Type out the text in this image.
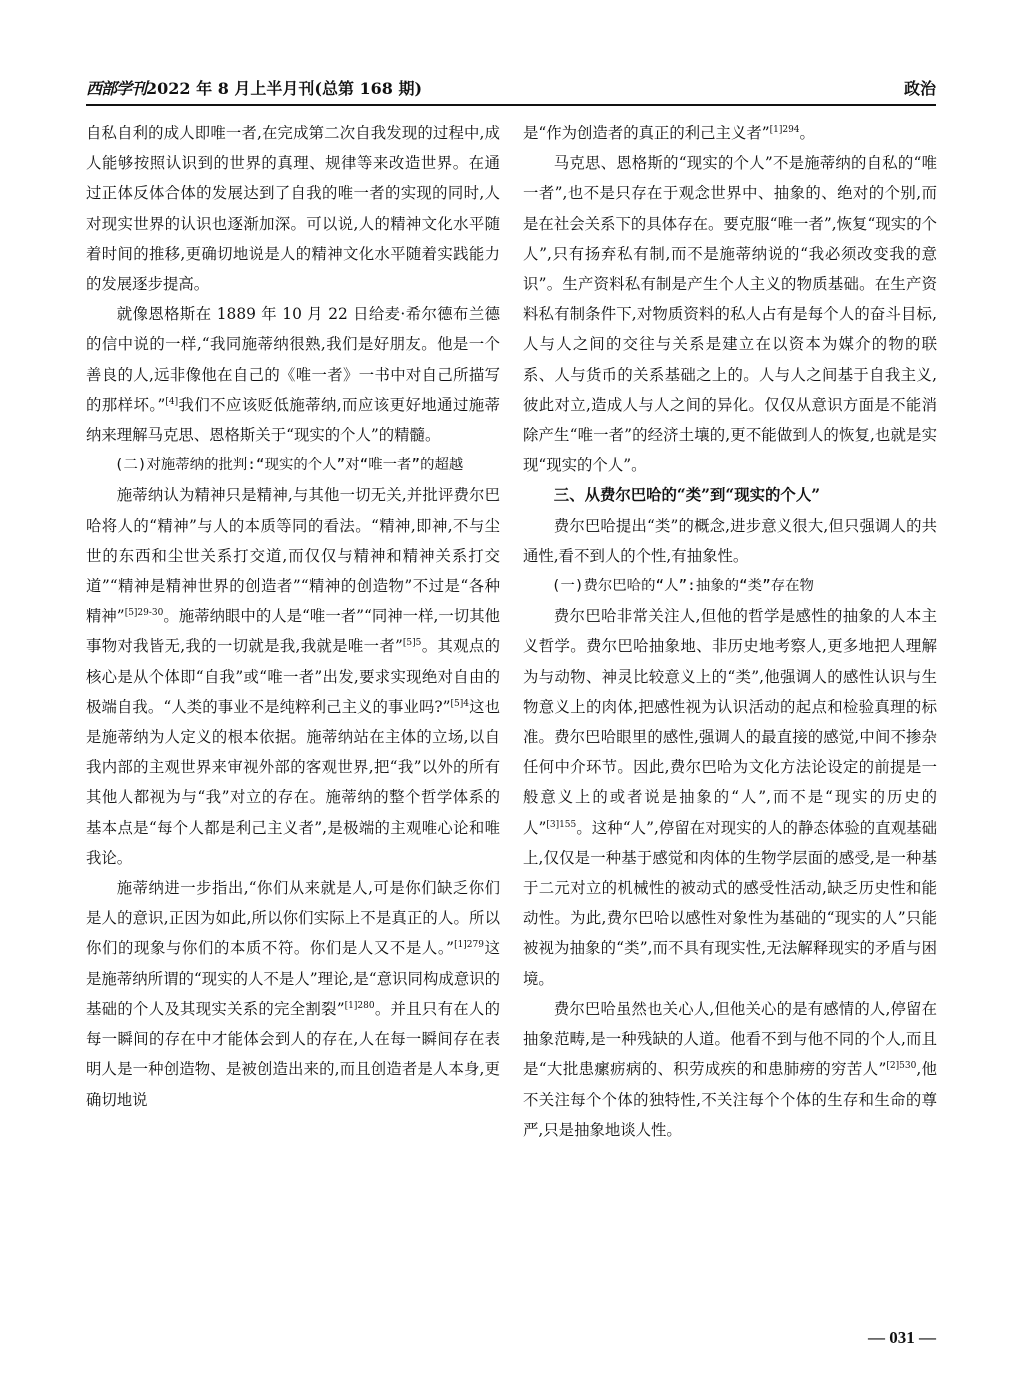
西部学刊2022 年 8 月上半月刊(总第 168 期)	政治

自私自利的成人即唯一者,在完成第二次自我发现的过程中,成人能够按照认识到的世界的真理、规律等来改造世界。在通过正体反体合体的发展达到了自我的唯一者的实现的同时,人对现实世界的认识也逐渐加深。可以说,人的精神文化水平随着时间的推移,更确切地说是人的精神文化水平随着实践能力的发展逐步提高。

就像恩格斯在 1889 年 10 月 22 日给麦·希尔德布兰德的信中说的一样,“我同施蒂纳很熟,我们是好朋友。他是一个善良的人,远非像他在自己的《唯一者》一书中对自己所描写的那样坏。”[4]我们不应该贬低施蒂纳,而应该更好地通过施蒂纳来理解马克思、恩格斯关于“现实的个人”的精髓。

(二)对施蒂纳的批判:“现实的个人”对“唯一者”的超越

施蒂纳认为精神只是精神,与其他一切无关,并批评费尔巴哈将人的“精神”与人的本质等同的看法。“精神,即神,不与尘世的东西和尘世关系打交道,而仅仅与精神和精神关系打交道”“精神是精神世界的创造者”“精神的创造物”不过是“各种精神”$^{[5]29-30}$。施蒂纳眼中的人是“唯一者”“同神一样,一切其他事物对我皆无,我的一切就是我,我就是唯一者”$^{[5]5}$。其观点的核心是从个体即“自我”或“唯一者”出发,要求实现绝对自由的极端自我。“人类的事业不是纯粹利己主义的事业吗?”$^{[5]4}$这也是施蒂纳为人定义的根本依据。施蒂纳站在主体的立场,以自我内部的主观世界来审视外部的客观世界,把“我”以外的所有其他人都视为与“我”对立的存在。施蒂纳的整个哲学体系的基本点是“每个人都是利己主义者”,是极端的主观唯心论和唯我论。

施蒂纳进一步指出,“你们从来就是人,可是你们缺乏你们是人的意识,正因为如此,所以你们实际上不是真正的人。所以你们的现象与你们的本质不符。你们是人又不是人。”$^{[1]279}$这是施蒂纳所谓的“现实的人不是人”理论,是“意识同构成意识的基础的个人及其现实关系的完全割裂”$^{[1]280}$。并且只有在人的每一瞬间的存在中才能体会到人的存在,人在每一瞬间存在表明人是一种创造物、是被创造出来的,而且创造者是人本身,更确切地说

是“作为创造者的真正的利己主义者”$^{[1]294}$。

马克思、恩格斯的“现实的个人”不是施蒂纳的自私的“唯一者”,也不是只存在于观念世界中、抽象的、绝对的个别,而是在社会关系下的具体存在。要克服“唯一者”,恢复“现实的个人”,只有扬弃私有制,而不是施蒂纳说的“我必须改变我的意识”。生产资料私有制是产生个人主义的物质基础。在生产资料私有制条件下,对物质资料的私人占有是每个人的奋斗目标,人与人之间的交往与关系是建立在以资本为媒介的物的联系、人与货币的关系基础之上的。人与人之间基于自我主义,彼此对立,造成人与人之间的异化。仅仅从意识方面是不能消除产生“唯一者”的经济土壤的,更不能做到人的恢复,也就是实现“现实的个人”。

三、从费尔巴哈的“类”到“现实的个人”

费尔巴哈提出“类”的概念,进步意义很大,但只强调人的共通性,看不到人的个性,有抽象性。

(一)费尔巴哈的“人”:抽象的“类”存在物

费尔巴哈非常关注人,但他的哲学是感性的抽象的人本主义哲学。费尔巴哈抽象地、非历史地考察人,更多地把人理解为与动物、神灵比较意义上的“类”,他强调人的感性认识与生物意义上的肉体,把感性视为认识活动的起点和检验真理的标准。费尔巴哈眼里的感性,强调人的最直接的感觉,中间不掺杂任何中介环节。因此,费尔巴哈为文化方法论设定的前提是一般意义上的或者说是抽象的“人”,而不是“现实的历史的人”$^{[3]155}$。这种“人”,停留在对现实的人的静态体验的直观基础上,仅仅是一种基于感觉和肉体的生物学层面的感受,是一种基于二元对立的机械性的被动式的感受性活动,缺乏历史性和能动性。为此,费尔巴哈以感性对象性为基础的“现实的人”只能被视为抽象的“类”,而不具有现实性,无法解释现实的矛盾与困境。

费尔巴哈虽然也关心人,但他关心的是有感情的人,停留在抽象范畴,是一种残缺的人道。他看不到与他不同的个人,而且是“大批患瘰疬病的、积劳成疾的和患肺痨的穷苦人”$^{[2]530}$,他不关注每个个体的独特性,不关注每个个体的生存和生命的尊严,只是抽象地谈人性。

— 031 —
